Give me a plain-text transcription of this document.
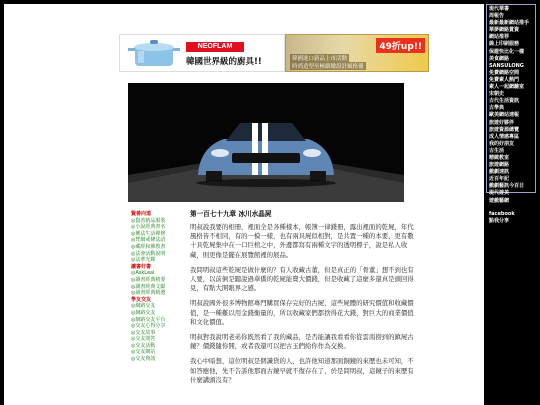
NEOFLAM
韓國世界級的廚具!!	韓國進口新品上市活動
時尚造型至極細緻設計風格優
49折up!!
賢善向道
◎賢善精品服裝
◎小說經典書名
◎佛法生活禪修
◎梵網戒條法語
◎藏經和佛教書
◎法會活動說明
◎法華光輝
讀書好書
◎AskLeal
◎讀書經典精要
◎讀書經典文獻
◎讀書經典精選
學友交友
◎網路交友
◎網路交友
◎網路交友平台
◎交友心得分享
◎交友故事
◎交友問答
◎交友活動
◎交友網站
◎交友資訊
第一百七十九章 冰川水晶屍

明叔說我要的相冊，裡面全是各種樣本，帳簿一律錢冊，露出裡面的乾屍，年代風格皆不相同，有的一模一樣，也有兩具屍似相對，是共置一種的本要，更有數十具乾屍集中在一口巨棺之中，外邊都寫有兩種文字的透明標子，說是私人收藏，則更像是擺在展覽館裡的展品。

我問明叔這些乾屍是做什麼的？有人收藏古董，但是真正的「骨董」想不到也有人要，以前倒是聽說過華僑的乾屍能賣大價錢，但是收藏了這麼多還真是頭回得見，有點大開眼界之感。

明叔說國外很多博物館專門購買保存完好的古屍，這些屍體的研究價值和收藏價值，是一種難以用金錢衡量的，所以收藏家們都捨得花大錢，對巨大的商業價值和文化價值。

明叔對我說明老弟你既然看了我的藏品，是否能讓我看看你從雲南撈到的鎮屍古鏡？價錢隨你開，或者我還可以把古玉們給你作為交換。

我心中暗想，這位明叔是個識貨的人，也許他知道那面銅鏡的來歷也未可知，不如答應他，先不告訴他那面古鏡早就不復存在了，於是問明叔，這鏡子的來歷有什麼講頭沒有？

現代華書
周報告
最新最新網站推手
華夢網路賞資
網站推荐
線上印刷服務
保證快比化一樣
美食網路
SANSULONG
免費網路空間
免費素人熱門
素人一起網驗室
宋朝史
古代生活資訊
古學典
歐美網站速報
旅遊好夥伴
旅遊資源總覽
成人情感專區
我的好朋友
古生活
精緻教室
旅遊網路
戲劇速訊
近百年記
戲劇藝訊今百日
現代遊美
遊戲藝網
facebook
點我分享
